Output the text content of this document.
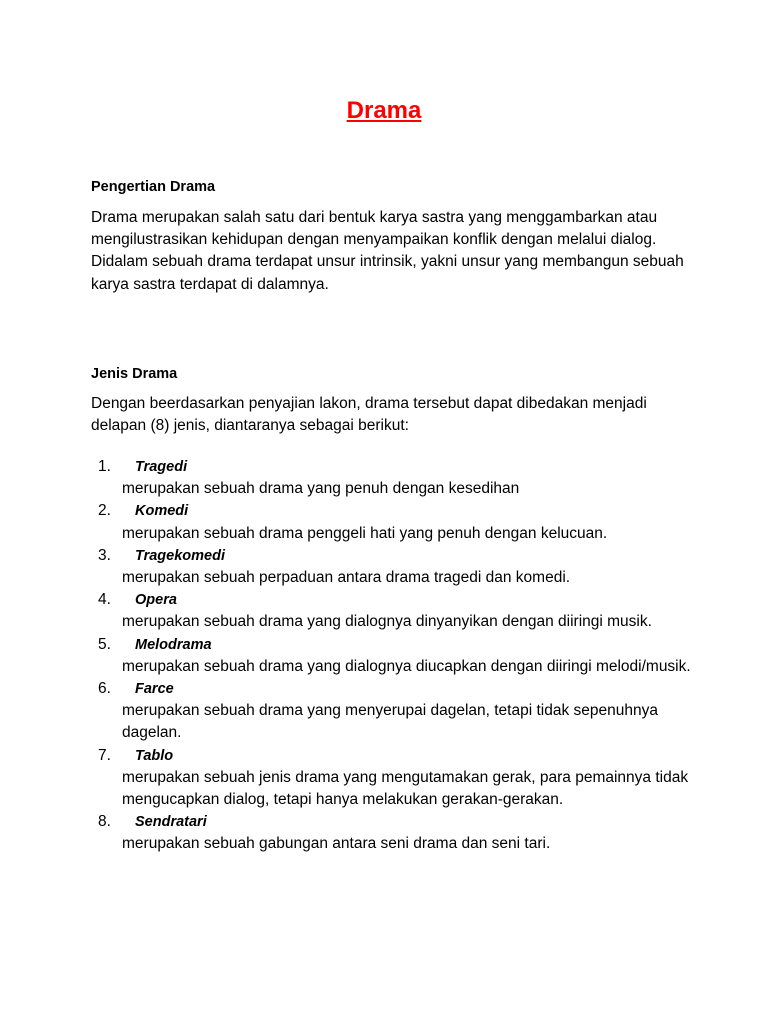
Drama
Pengertian Drama
Drama merupakan salah satu dari bentuk karya sastra yang menggambarkan atau mengilustrasikan kehidupan dengan menyampaikan konflik dengan melalui dialog. Didalam sebuah drama terdapat unsur intrinsik, yakni unsur yang membangun sebuah karya sastra terdapat di dalamnya.
Jenis Drama
Dengan beerdasarkan penyajian lakon, drama tersebut dapat dibedakan menjadi delapan (8) jenis, diantaranya sebagai berikut:
1.	Tragedi
merupakan sebuah drama yang penuh dengan kesedihan
2.	Komedi
merupakan sebuah drama penggeli hati yang penuh dengan kelucuan.
3.	Tragekomedi
merupakan sebuah perpaduan antara drama tragedi dan komedi.
4.	Opera
merupakan sebuah drama yang dialognya dinyanyikan dengan diiringi musik.
5.	Melodrama
merupakan sebuah drama yang dialognya diucapkan dengan diiringi melodi/musik.
6.	Farce
merupakan sebuah drama yang menyerupai dagelan, tetapi tidak sepenuhnya dagelan.
7.	Tablo
merupakan sebuah jenis drama yang mengutamakan gerak, para pemainnya tidak mengucapkan dialog, tetapi hanya melakukan gerakan-gerakan.
8.	Sendratari
merupakan sebuah gabungan antara seni drama dan seni tari.
